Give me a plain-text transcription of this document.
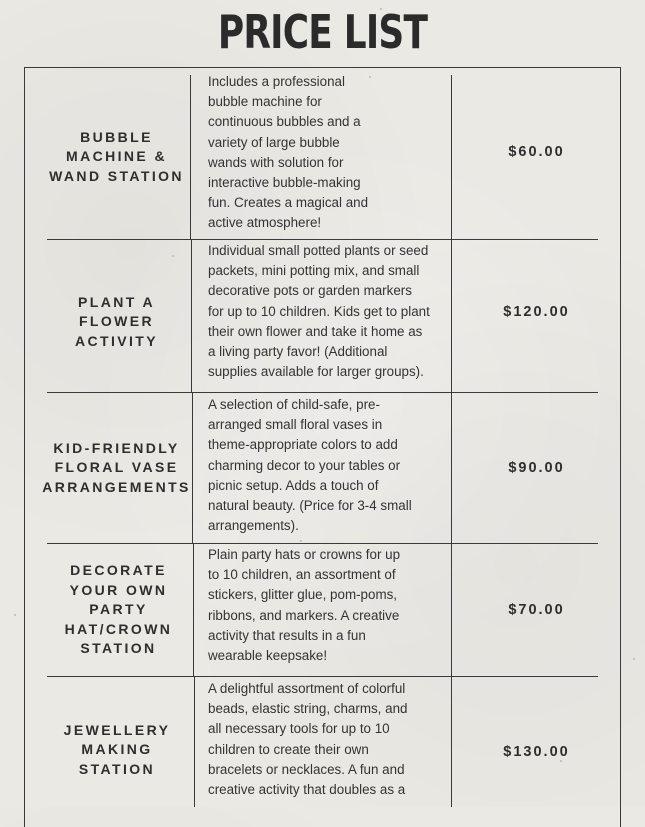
PRICE LIST
BUBBLE MACHINE & WAND STATION
Includes a professional
bubble machine for
continuous bubbles and a
variety of large bubble
wands with solution for
interactive bubble-making
fun. Creates a magical and
active atmosphere!
$60.00
PLANT A FLOWER ACTIVITY
Individual small potted plants or seed
packets, mini potting mix, and small
decorative pots or garden markers
for up to 10 children. Kids get to plant
their own flower and take it home as
a living party favor! (Additional
supplies available for larger groups).
$120.00
KID-FRIENDLY FLORAL VASE ARRANGEMENTS
A selection of child-safe, pre-
arranged small floral vases in
theme-appropriate colors to add
charming decor to your tables or
picnic setup. Adds a touch of
natural beauty. (Price for 3-4 small
arrangements).
$90.00
DECORATE YOUR OWN PARTY HAT/CROWN STATION
Plain party hats or crowns for up
to 10 children, an assortment of
stickers, glitter glue, pom-poms,
ribbons, and markers. A creative
activity that results in a fun
wearable keepsake!
$70.00
JEWELLERY MAKING STATION
A delightful assortment of colorful
beads, elastic string, charms, and
all necessary tools for up to 10
children to create their own
bracelets or necklaces. A fun and
creative activity that doubles as a
$130.00
